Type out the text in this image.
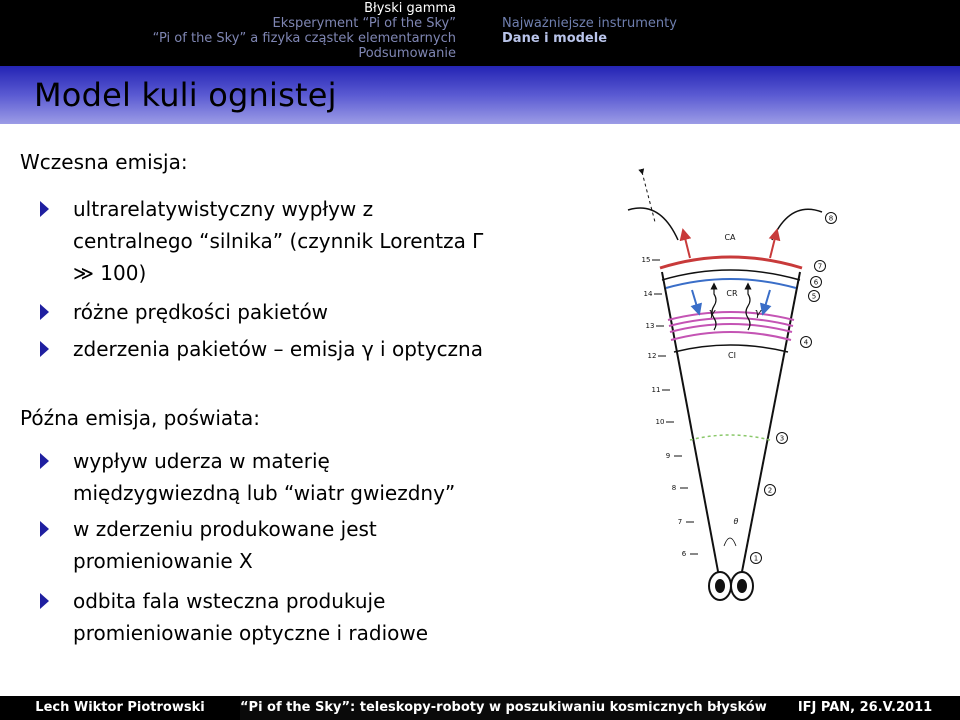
Błyski gamma
Eksperyment “Pi of the Sky”
“Pi of the Sky” a fizyka cząstek elementarnych
Podsumowanie
Najważniejsze instrumenty
Dane i modele
Model kuli ognistej
Wczesna emisja:
ultrarelatywistyczny wypływ z centralnego “silnika” (czynnik Lorentza Γ ≫ 100)
różne prędkości pakietów
zderzenia pakietów – emisja γ i optyczna
Późna emisja, poświata:
wypływ uderza w materię międzygwiezdną lub “wiatr gwiezdny”
w zderzeniu produkowane jest promieniowanie X
odbita fala wsteczna produkuje promieniowanie optyczne i radiowe
CA
CR
CI
γ	γ
θ
15
14
13
12
11
10
9
8
7
6
8
7
6
5
4
3
2
1
Lech Wiktor Piotrowski	“Pi of the Sky”: teleskopy-roboty w poszukiwaniu kosmicznych błysków	IFJ PAN, 26.V.2011
